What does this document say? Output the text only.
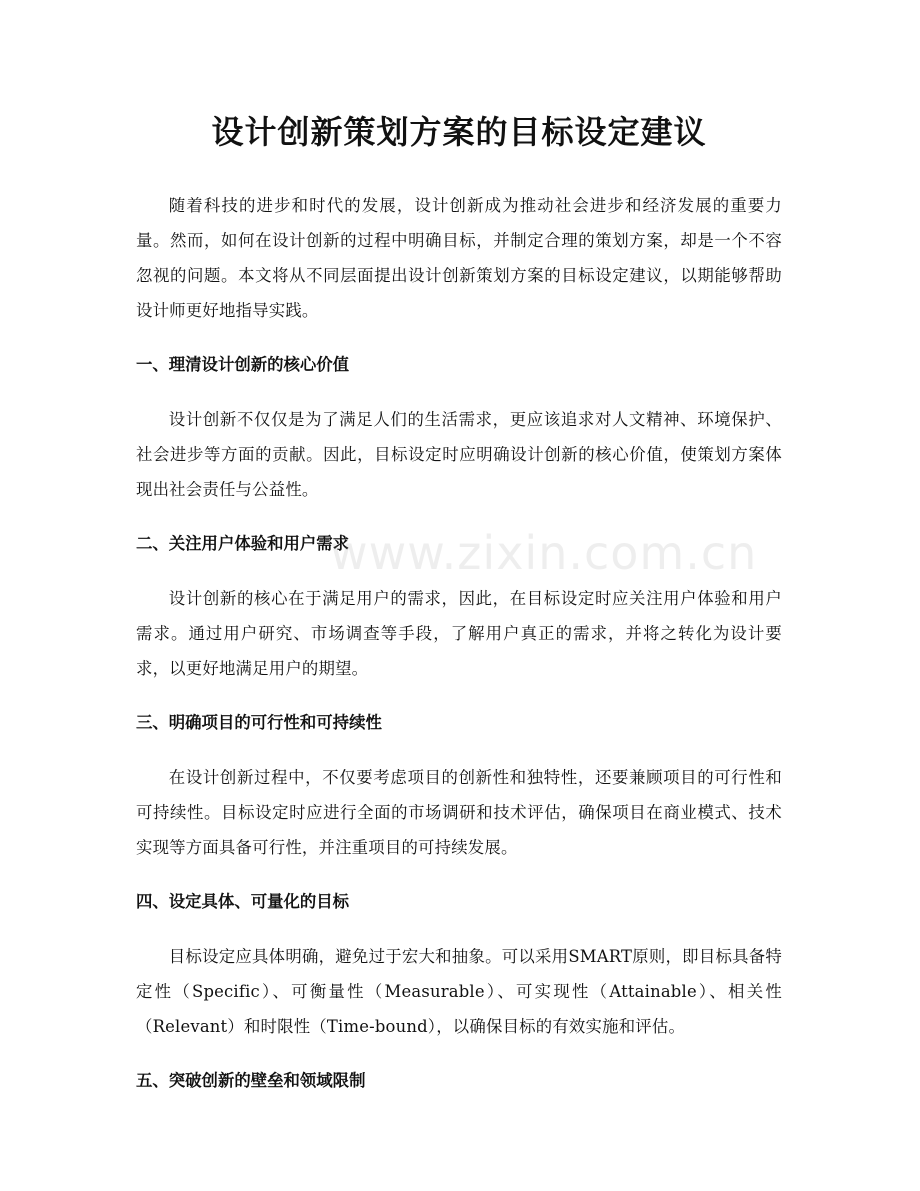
设计创新策划方案的目标设定建议

随着科技的进步和时代的发展，设计创新成为推动社会进步和经济发展的重要力量。然而，如何在设计创新的过程中明确目标，并制定合理的策划方案，却是一个不容忽视的问题。本文将从不同层面提出设计创新策划方案的目标设定建议，以期能够帮助设计师更好地指导实践。

一、理清设计创新的核心价值

设计创新不仅仅是为了满足人们的生活需求，更应该追求对人文精神、环境保护、社会进步等方面的贡献。因此，目标设定时应明确设计创新的核心价值，使策划方案体现出社会责任与公益性。

二、关注用户体验和用户需求

设计创新的核心在于满足用户的需求，因此，在目标设定时应关注用户体验和用户需求。通过用户研究、市场调查等手段，了解用户真正的需求，并将之转化为设计要求，以更好地满足用户的期望。

三、明确项目的可行性和可持续性

在设计创新过程中，不仅要考虑项目的创新性和独特性，还要兼顾项目的可行性和可持续性。目标设定时应进行全面的市场调研和技术评估，确保项目在商业模式、技术实现等方面具备可行性，并注重项目的可持续发展。

四、设定具体、可量化的目标

目标设定应具体明确，避免过于宏大和抽象。可以采用SMART原则，即目标具备特定性（Specific）、可衡量性（Measurable）、可实现性（Attainable）、相关性（Relevant）和时限性（Time-bound），以确保目标的有效实施和评估。

五、突破创新的壁垒和领域限制
www.zixin.com.cn
